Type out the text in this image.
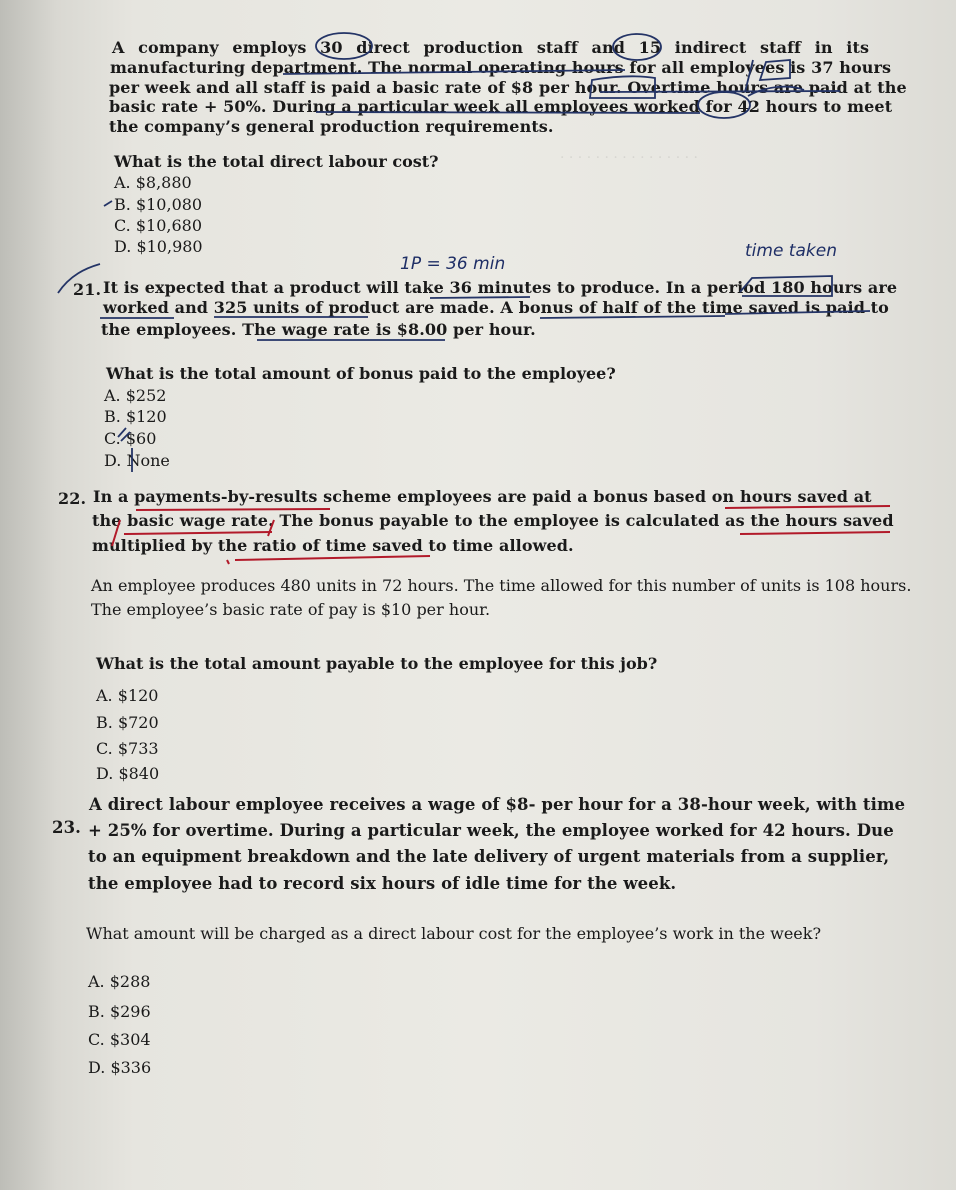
· · · · · · · · · · · · · · · ·

A company employs 30 direct production staff and 15 indirect staff in its

manufacturing department. The normal operating hours for all employees is 37 hours

per week and all staff is paid a basic rate of $8 per hour. Overtime hours are paid at the

basic rate + 50%. During a particular week all employees worked for 42 hours to meet

the company’s general production requirements.

What is the total direct labour cost?

A. $8,880
B. $10,080
C. $10,680
D. $10,980
1P = 36 min
time taken
21. It is expected that a product will take 36 minutes to produce. In a period 180 hours are

worked and 325 units of product are made. A bonus of half of the time saved is paid to

the employees. The wage rate is $8.00 per hour.

What is the total amount of bonus paid to the employee?

A. $252
B. $120
C. $60
D. None
22. In a payments-by-results scheme employees are paid a bonus based on hours saved at

the basic wage rate. The bonus payable to the employee is calculated as the hours saved

multiplied by the ratio of time saved to time allowed.

An employee produces 480 units in 72 hours. The time allowed for this number of units is 108 hours.

The employee’s basic rate of pay is $10 per hour.

What is the total amount payable to the employee for this job?

A. $120
B. $720
C. $733
D. $840
23.

A direct labour employee receives a wage of $8- per hour for a 38-hour week, with time

+ 25% for overtime. During a particular week, the employee worked for 42 hours. Due

to an equipment breakdown and the late delivery of urgent materials from a supplier,

the employee had to record six hours of idle time for the week.

What amount will be charged as a direct labour cost for the employee’s work in the week?

A. $288
B. $296
C. $304
D. $336
